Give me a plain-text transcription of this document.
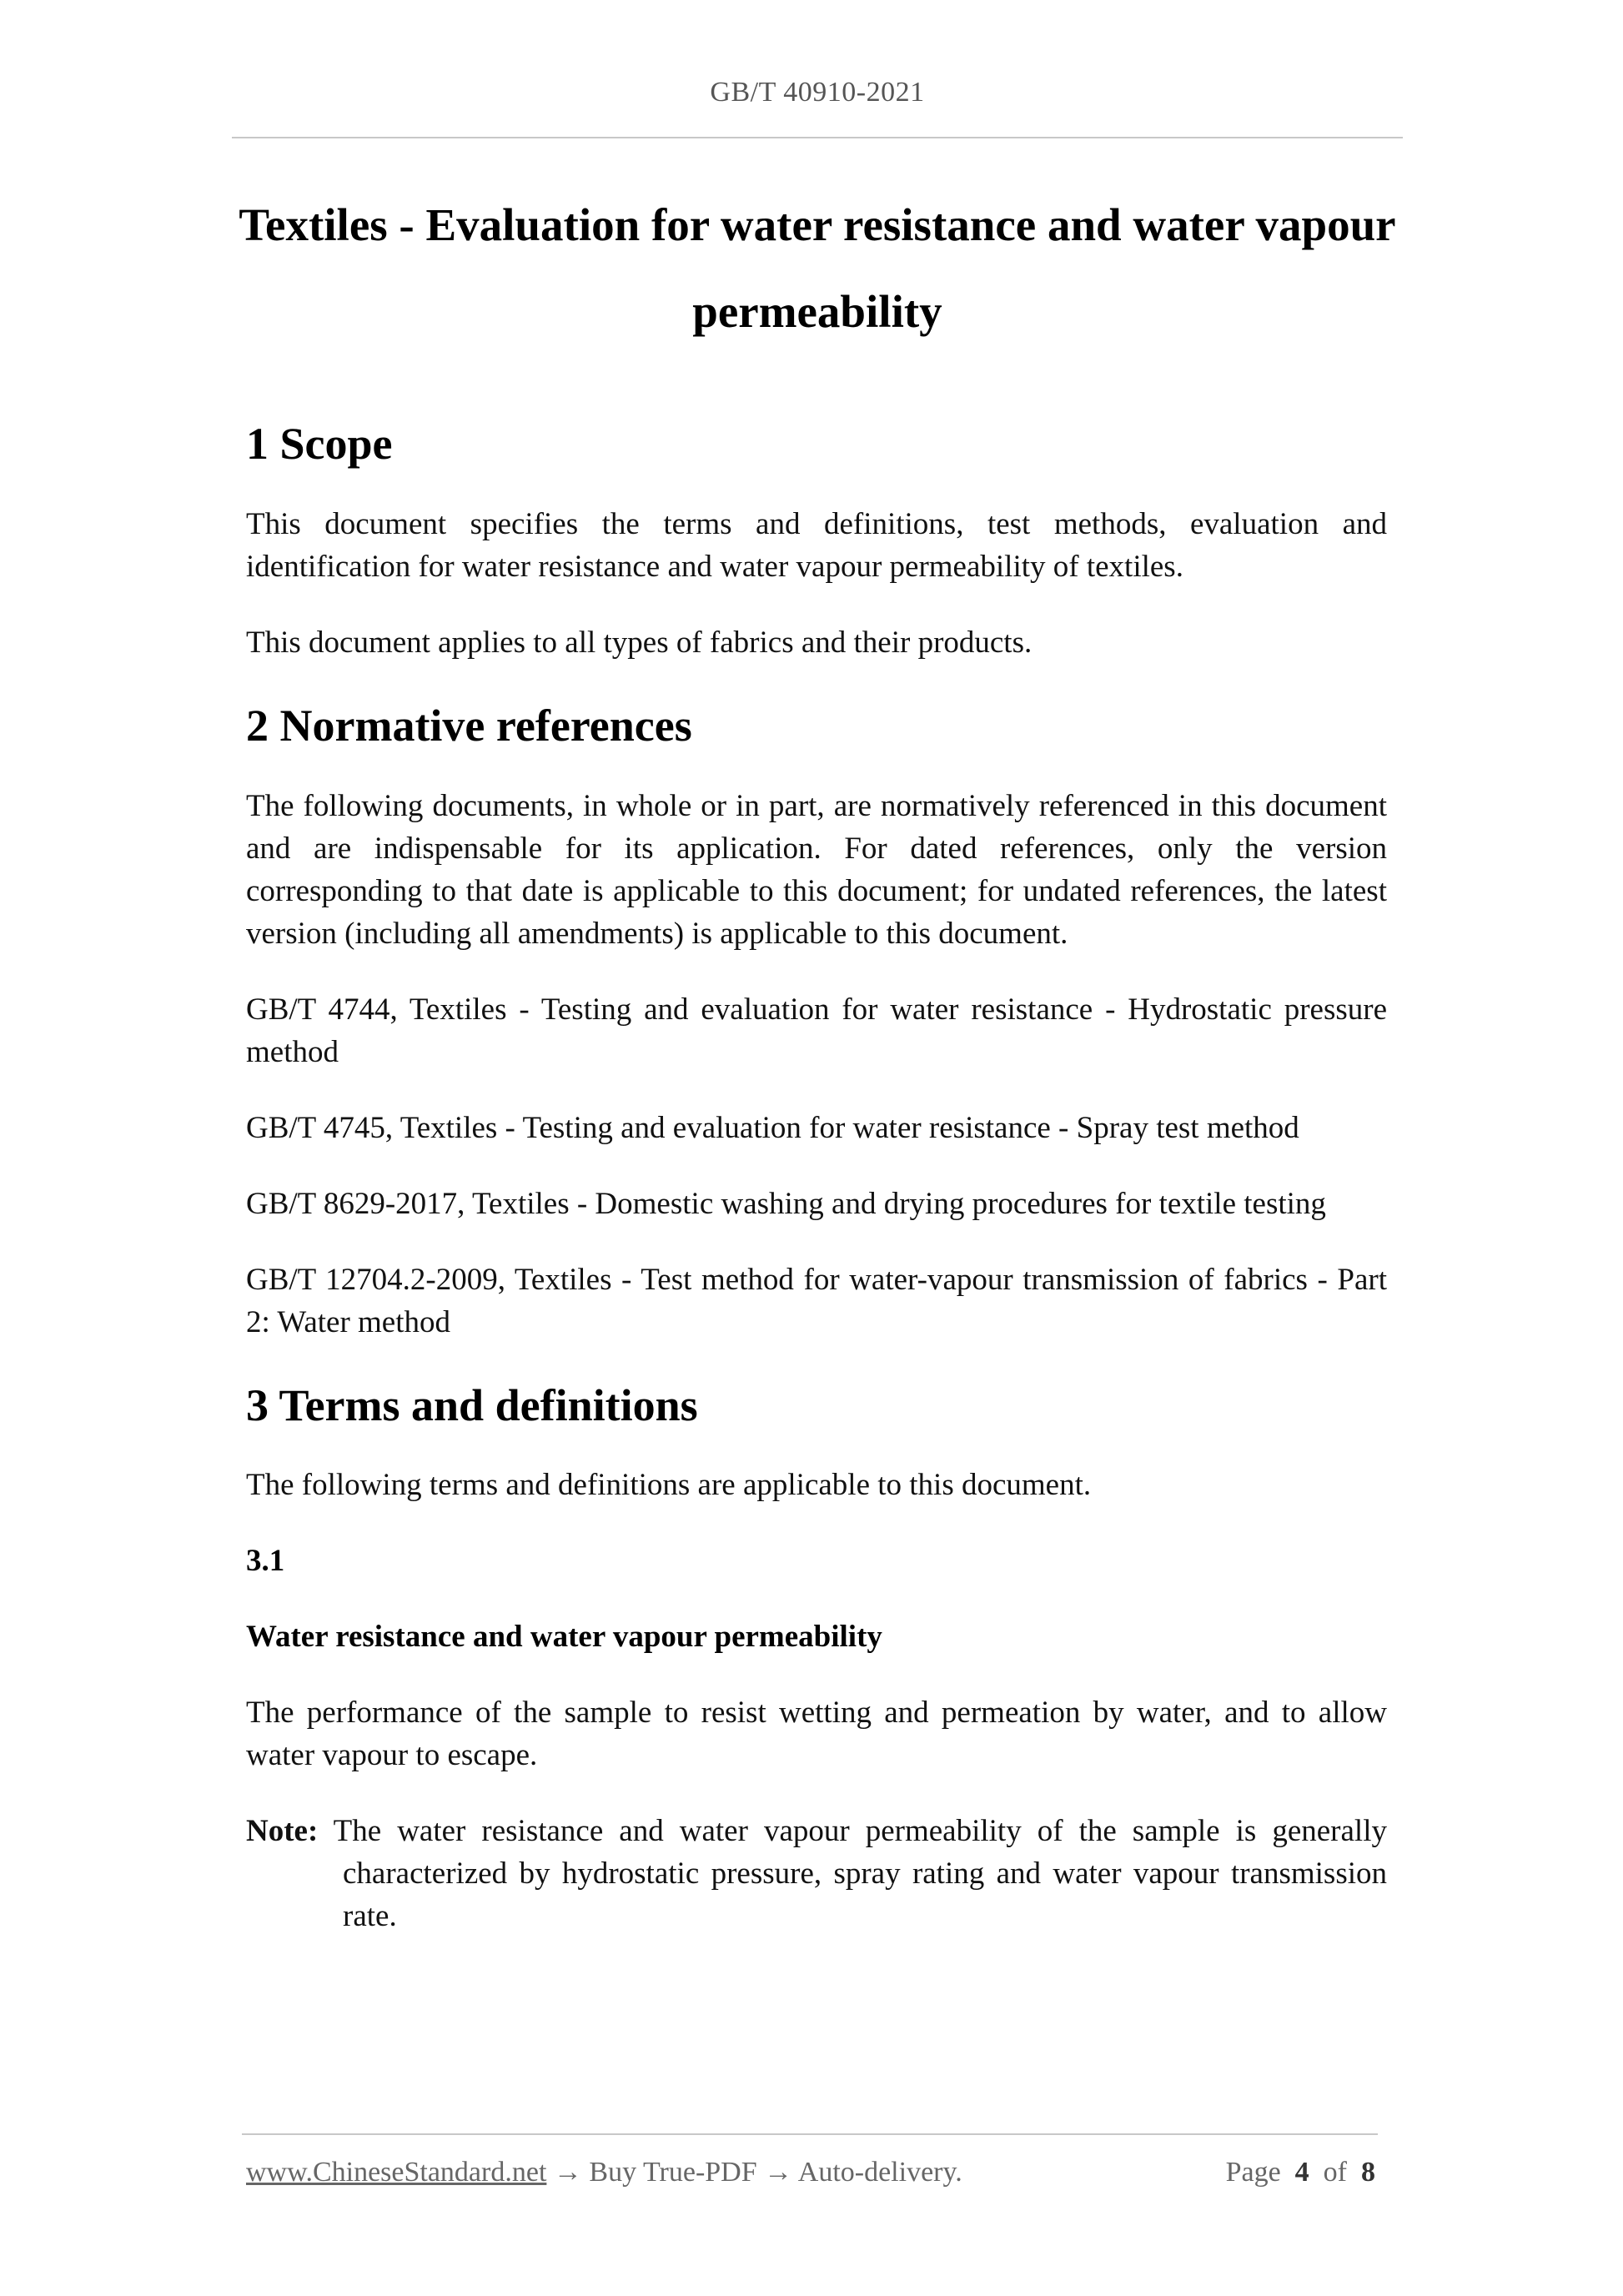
GB/T 40910-2021
Textiles - Evaluation for water resistance and water vapour permeability
1 Scope

This document specifies the terms and definitions, test methods, evaluation and identification for water resistance and water vapour permeability of textiles.

This document applies to all types of fabrics and their products.

2 Normative references

The following documents, in whole or in part, are normatively referenced in this document and are indispensable for its application. For dated references, only the version corresponding to that date is applicable to this document; for undated references, the latest version (including all amendments) is applicable to this document.

GB/T 4744, Textiles - Testing and evaluation for water resistance - Hydrostatic pressure method

GB/T 4745, Textiles - Testing and evaluation for water resistance - Spray test method

GB/T 8629-2017, Textiles - Domestic washing and drying procedures for textile testing

GB/T 12704.2-2009, Textiles - Test method for water-vapour transmission of fabrics - Part 2: Water method

3 Terms and definitions

The following terms and definitions are applicable to this document.

3.1

Water resistance and water vapour permeability

The performance of the sample to resist wetting and permeation by water, and to allow water vapour to escape.

Note: The water resistance and water vapour permeability of the sample is generally characterized by hydrostatic pressure, spray rating and water vapour transmission rate.

www.ChineseStandard.net → Buy True-PDF → Auto-delivery.	Page 4 of 8
